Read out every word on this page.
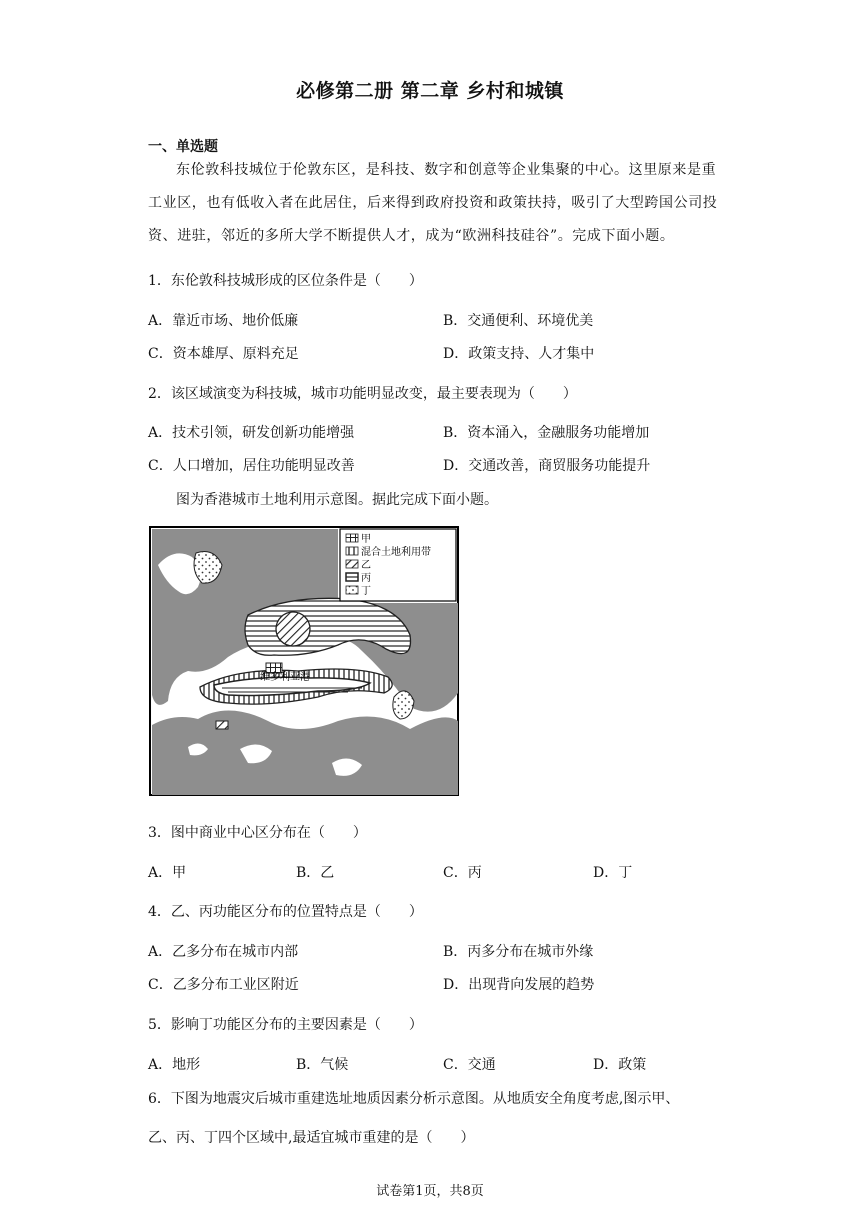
必修第二册 第二章 乡村和城镇
一、单选题
东伦敦科技城位于伦敦东区，是科技、数字和创意等企业集聚的中心。这里原来是重工业区，也有低收入者在此居住，后来得到政府投资和政策扶持，吸引了大型跨国公司投资、进驻，邻近的多所大学不断提供人才，成为“欧洲科技硅谷”。完成下面小题。
1．东伦敦科技城形成的区位条件是（　　）
A．靠近市场、地价低廉	B．交通便利、环境优美
C．资本雄厚、原料充足	D．政策支持、人才集中
2．该区域演变为科技城，城市功能明显改变，最主要表现为（　　）
A．技术引领，研发创新功能增强	B．资本涌入，金融服务功能增加
C．人口增加，居住功能明显改善	D．交通改善，商贸服务功能提升
图为香港城市土地利用示意图。据此完成下面小题。
维多利亚港
甲
混合土地利用带
乙
丙
丁
3．图中商业中心区分布在（　　）
A．甲	B．乙	C．丙	D．丁
4．乙、丙功能区分布的位置特点是（　　）
A．乙多分布在城市内部	B．丙多分布在城市外缘
C．乙多分布工业区附近	D．出现背向发展的趋势
5．影响丁功能区分布的主要因素是（　　）
A．地形	B．气候	C．交通	D．政策
6．下图为地震灾后城市重建选址地质因素分析示意图。从地质安全角度考虑,图示甲、
乙、丙、丁四个区域中,最适宜城市重建的是（　　）
试卷第1页，共8页
